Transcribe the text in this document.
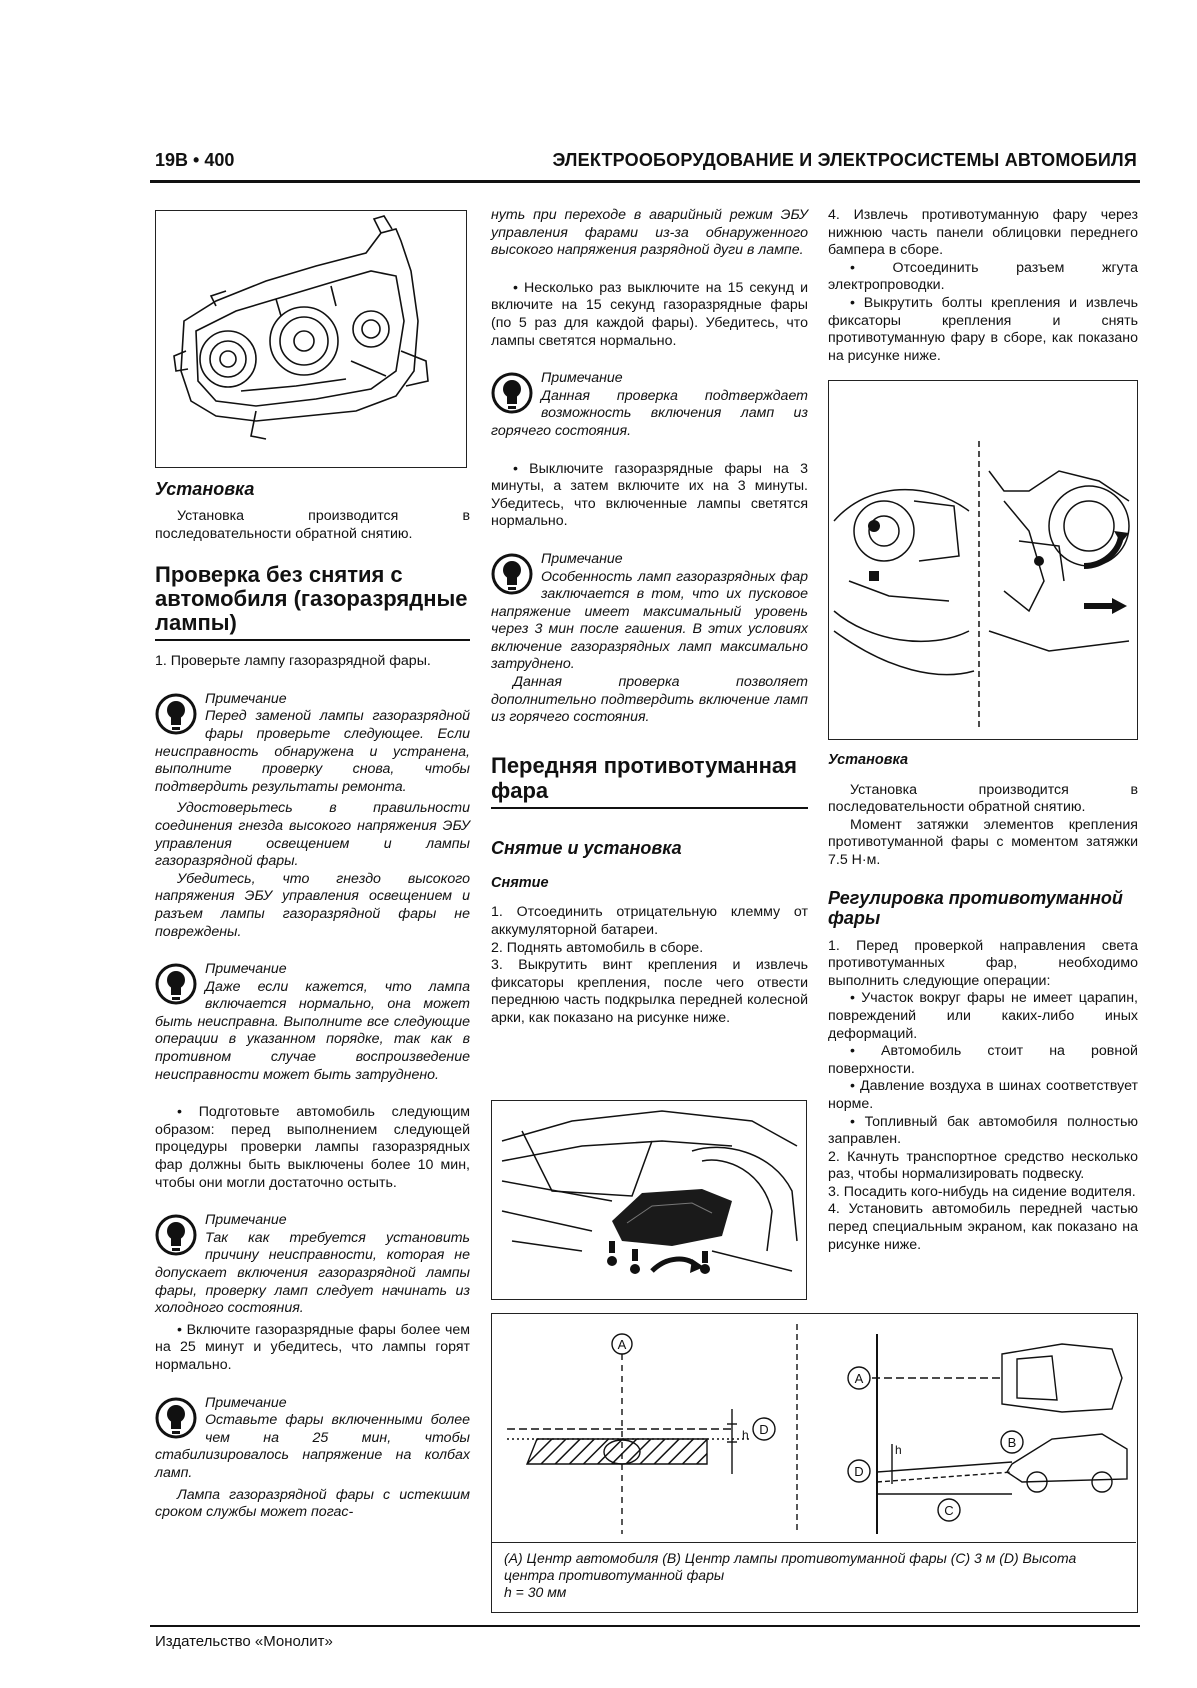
19B • 400	ЭЛЕКТРООБОРУДОВАНИЕ И ЭЛЕКТРОСИСТЕМЫ АВТОМОБИЛЯ
Установка

Установка производится в последовательности обратной снятию.

Проверка без снятия с автомобиля (газоразрядные лампы)

1. Проверьте лампу газоразрядной фары.

Примечание
Перед заменой лампы газоразрядной фары проверьте следующее. Если неисправность обнаружена и устранена, выполните проверку снова, чтобы подтвердить результаты ремонта.

Удостоверьтесь в правильности соединения гнезда высокого напряжения ЭБУ управления освещением и лампы газоразрядной фары.

Убедитесь, что гнездо высокого напряжения ЭБУ управления освещением и разъем лампы газоразрядной фары не повреждены.

Примечание
Даже если кажется, что лампа включается нормально, она может быть неисправна. Выполните все следующие операции в указанном порядке, так как в противном случае воспроизведение неисправности может быть затруднено.

• Подготовьте автомобиль следующим образом: перед выполнением следующей процедуры проверки лампы газоразрядных фар должны быть выключены более 10 мин, чтобы они могли достаточно остыть.

Примечание
Так как требуется установить причину неисправности, которая не допускает включения газоразрядной лампы фары, проверку ламп следует начинать из холодного состояния.

• Включите газоразрядные фары более чем на 25 минут и убедитесь, что лампы горят нормально.

Примечание
Оставьте фары включенными более чем на 25 мин, чтобы стабилизировалось напряжение на колбах ламп.

Лампа газоразрядной фары с истекшим сроком службы может погас-

нуть при переходе в аварийный режим ЭБУ управления фарами из-за обнаруженного высокого напряжения разрядной дуги в лампе.

• Несколько раз выключите на 15 секунд и включите на 15 секунд газоразрядные фары (по 5 раз для каждой фары). Убедитесь, что лампы светятся нормально.

Примечание
Данная проверка подтверждает возможность включения ламп из горячего состояния.

• Выключите газоразрядные фары на 3 минуты, а затем включите их на 3 минуты. Убедитесь, что включенные лампы светятся нормально.

Примечание
Особенность ламп газоразрядных фар заключается в том, что их пусковое напряжение имеет максимальный уровень через 3 мин после гашения. В этих условиях включение газоразрядных ламп максимально затруднено.

Данная проверка позволяет дополнительно подтвердить включение ламп из горячего состояния.

Передняя противотуманная фара
Снятие и установка
Снятие

1. Отсоединить отрицательную клемму от аккумуляторной батареи.

2. Поднять автомобиль в сборе.

3. Выкрутить винт крепления и извлечь фиксаторы крепления, после чего отвести переднюю часть подкрылка передней колесной арки, как показано на рисунке ниже.

4. Извлечь противотуманную фару через нижнюю часть панели облицовки переднего бампера в сборе.

• Отсоединить разъем жгута электропроводки.

• Выкрутить болты крепления и извлечь фиксаторы крепления и снять противотуманную фару в сборе, как показано на рисунке ниже.

Установка

Установка производится в последовательности обратной снятию.

Момент затяжки элементов крепления противотуманной фары с моментом затяжки 7.5 Н·м.

Регулировка противотуманной фары

1. Перед проверкой направления света противотуманных фар, необходимо выполнить следующие операции:

• Участок вокруг фары не имеет царапин, повреждений или каких-либо иных деформаций.

• Автомобиль стоит на ровной поверхности.

• Давление воздуха в шинах соответствует норме.

• Топливный бак автомобиля полностью заправлен.

2. Качнуть транспортное средство несколько раз, чтобы нормализировать подвеску.

3. Посадить кого-нибудь на сидение водителя.

4. Установить автомобиль передней частью перед специальным экраном, как показано на рисунке ниже.

A
D
h
A
B
D
h
C
(A) Центр автомобиля (B) Центр лампы противотуманной фары (C) 3 м (D) Высота центра противотуманной фары
h = 30 мм
Издательство «Монолит»
